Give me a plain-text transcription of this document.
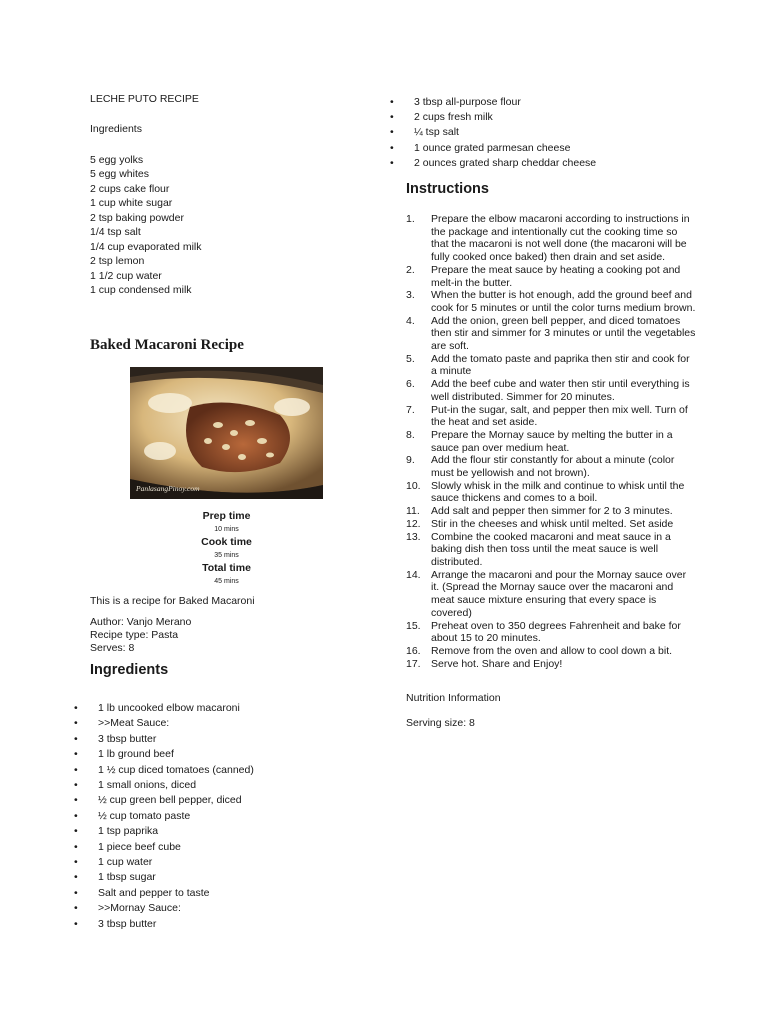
LECHE PUTO RECIPE
Ingredients
5 egg yolks
5 egg whites
2 cups cake flour
1 cup white sugar
2 tsp baking powder
1/4 tsp salt
1/4 cup evaporated milk
2 tsp lemon
1 1/2 cup water
1 cup condensed milk
Baked Macaroni Recipe
PanlasangPinoy.com
Prep time
10 mins
Cook time
35 mins
Total time
45 mins
This is a recipe for Baked Macaroni
Author: Vanjo Merano
Recipe type: Pasta
Serves: 8
Ingredients
• 1 lb uncooked elbow macaroni
• >>Meat Sauce:
• 3 tbsp butter
• 1 lb ground beef
• 1 ½ cup diced tomatoes (canned)
• 1 small onions, diced
• ½ cup green bell pepper, diced
• ½ cup tomato paste
• 1 tsp paprika
• 1 piece beef cube
• 1 cup water
• 1 tbsp sugar
• Salt and pepper to taste
• >>Mornay Sauce:
• 3 tbsp butter
• 3 tbsp all-purpose flour
• 2 cups fresh milk
• ¼ tsp salt
• 1 ounce grated parmesan cheese
• 2 ounces grated sharp cheddar cheese
Instructions
1. Prepare the elbow macaroni according to instructions in the package and intentionally cut the cooking time so that the macaroni is not well done (the macaroni will be fully cooked once baked) then drain and set aside.
2. Prepare the meat sauce by heating a cooking pot and melt-in the butter.
3. When the butter is hot enough, add the ground beef and cook for 5 minutes or until the color turns medium brown.
4. Add the onion, green bell pepper, and diced tomatoes then stir and simmer for 3 minutes or until the vegetables are soft.
5. Add the tomato paste and paprika then stir and cook for a minute
6. Add the beef cube and water then stir until everything is well distributed. Simmer for 20 minutes.
7. Put-in the sugar, salt, and pepper then mix well. Turn of the heat and set aside.
8. Prepare the Mornay sauce by melting the butter in a sauce pan over medium heat.
9. Add the flour stir constantly for about a minute (color must be yellowish and not brown).
10. Slowly whisk in the milk and continue to whisk until the sauce thickens and comes to a boil.
11. Add salt and pepper then simmer for 2 to 3 minutes.
12. Stir in the cheeses and whisk until melted. Set aside
13. Combine the cooked macaroni and meat sauce in a baking dish then toss until the meat sauce is well distributed.
14. Arrange the macaroni and pour the Mornay sauce over it. (Spread the Mornay sauce over the macaroni and meat sauce mixture ensuring that every space is covered)
15. Preheat oven to 350 degrees Fahrenheit and bake for about 15 to 20 minutes.
16. Remove from the oven and allow to cool down a bit.
17. Serve hot. Share and Enjoy!
Nutrition Information
Serving size: 8
